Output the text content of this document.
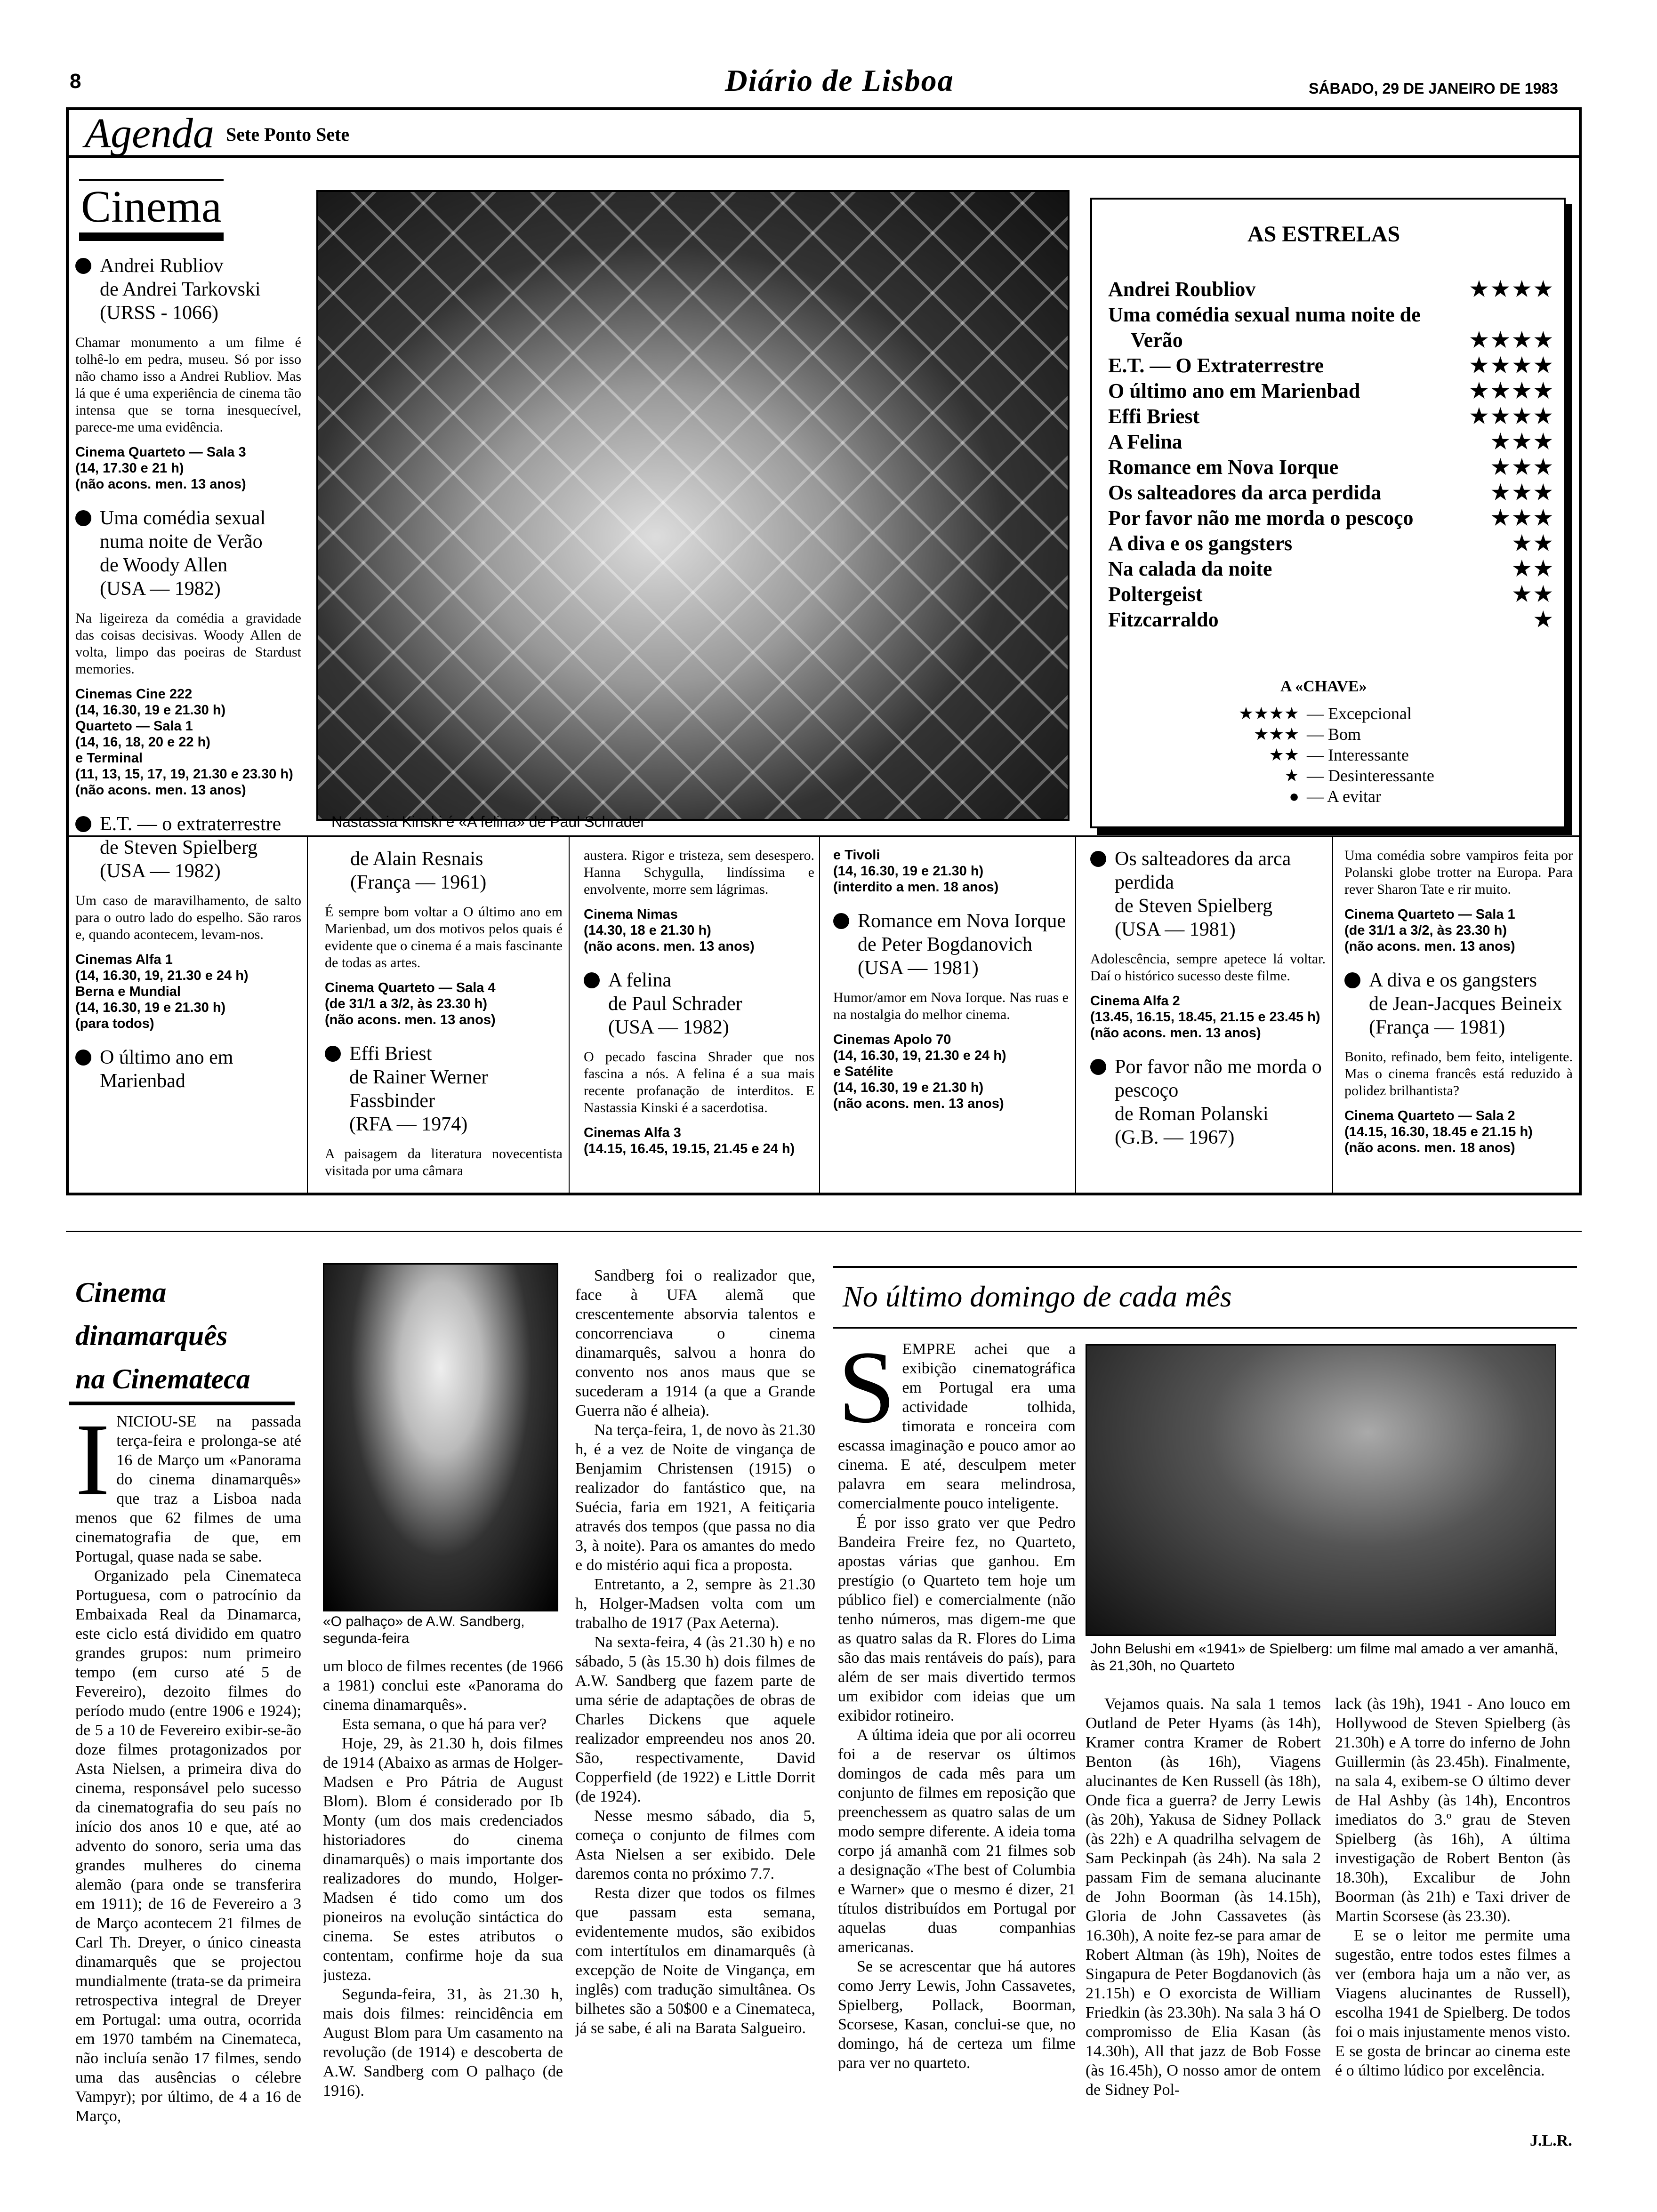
8	Diário de Lisboa	SÁBADO, 29 DE JANEIRO DE 1983
Agenda Sete Ponto Sete
Cinema
Andrei Rubliov
de Andrei Tarkovski
(URSS - 1066)
Chamar monumento a um filme é tolhê-lo em pedra, museu. Só por isso não chamo isso a Andrei Rubliov. Mas lá que é uma experiência de cinema tão intensa que se torna inesquecível, parece-me uma evidência.
Cinema Quarteto — Sala 3
(14, 17.30 e 21 h)
(não acons. men. 13 anos)
Uma comédia sexual numa noite de Verão
de Woody Allen
(USA — 1982)
Na ligeireza da comédia a gravidade das coisas decisivas. Woody Allen de volta, limpo das poeiras de Stardust memories.
Cinemas Cine 222
(14, 16.30, 19 e 21.30 h)
Quarteto — Sala 1
(14, 16, 18, 20 e 22 h)
e Terminal
(11, 13, 15, 17, 19, 21.30 e 23.30 h)
(não acons. men. 13 anos)
E.T. — o extraterrestre
de Steven Spielberg
(USA — 1982)
Um caso de maravilhamento, de salto para o outro lado do espelho. São raros e, quando acontecem, levam-nos.
Cinemas Alfa 1
(14, 16.30, 19, 21.30 e 24 h)
Berna e Mundial
(14, 16.30, 19 e 21.30 h)
(para todos)
O último ano em Marienbad
Nastassia Kinski é «A felina» de Paul Schrader
de Alain Resnais
(França — 1961)
É sempre bom voltar a O último ano em Marienbad, um dos motivos pelos quais é evidente que o cinema é a mais fascinante de todas as artes.
Cinema Quarteto — Sala 4
(de 31/1 a 3/2, às 23.30 h)
(não acons. men. 13 anos)
Effi Briest
de Rainer Werner Fassbinder
(RFA — 1974)
A paisagem da literatura novecentista visitada por uma câmara
austera. Rigor e tristeza, sem desespero. Hanna Schygulla, lindíssima e envolvente, morre sem lágrimas.
Cinema Nimas
(14.30, 18 e 21.30 h)
(não acons. men. 13 anos)
A felina
de Paul Schrader
(USA — 1982)
O pecado fascina Shrader que nos fascina a nós. A felina é a sua mais recente profanação de interditos. E Nastassia Kinski é a sacerdotisa.
Cinemas Alfa 3
(14.15, 16.45, 19.15, 21.45 e 24 h)
e Tivoli
(14, 16.30, 19 e 21.30 h)
(interdito a men. 18 anos)
Romance em Nova Iorque
de Peter Bogdanovich
(USA — 1981)
Humor/amor em Nova Iorque. Nas ruas e na nostalgia do melhor cinema.
Cinemas Apolo 70
(14, 16.30, 19, 21.30 e 24 h)
e Satélite
(14, 16.30, 19 e 21.30 h)
(não acons. men. 13 anos)
Os salteadores da arca perdida
de Steven Spielberg
(USA — 1981)
Adolescência, sempre apetece lá voltar. Daí o histórico sucesso deste filme.
Cinema Alfa 2
(13.45, 16.15, 18.45, 21.15 e 23.45 h)
(não acons. men. 13 anos)
Por favor não me morda o pescoço
de Roman Polanski
(G.B. — 1967)
Uma comédia sobre vampiros feita por Polanski globe trotter na Europa. Para rever Sharon Tate e rir muito.
Cinema Quarteto — Sala 1
(de 31/1 a 3/2, às 23.30 h)
(não acons. men. 13 anos)
A diva e os gangsters
de Jean-Jacques Beineix
(França — 1981)
Bonito, refinado, bem feito, inteligente. Mas o cinema francês está reduzido à polidez brilhantista?
Cinema Quarteto — Sala 2
(14.15, 16.30, 18.45 e 21.15 h)
(não acons. men. 18 anos)
AS ESTRELAS
Andrei Roubliov	★★★★
Uma comédia sexual numa noite de
Verão	★★★★
E.T. — O Extraterrestre	★★★★
O último ano em Marienbad	★★★★
Effi Briest	★★★★
A Felina	★★★
Romance em Nova Iorque	★★★
Os salteadores da arca perdida	★★★
Por favor não me morda o pescoço	★★★
A diva e os gangsters	★★
Na calada da noite	★★
Poltergeist	★★
Fitzcarraldo	★
A «CHAVE»
★★★★ — Excepcional
★★★ — Bom
★★ — Interessante
★ — Desinteressante
● — A evitar
Cinema
dinamarquês
na Cinemateca
I NICIOU-SE na passada terça-feira e prolonga-se até 16 de Março um «Panorama do cinema dinamarquês» que traz a Lisboa nada menos que 62 filmes de uma cinematografia de que, em Portugal, quase nada se sabe.

Organizado pela Cinemateca Portuguesa, com o patrocínio da Embaixada Real da Dinamarca, este ciclo está dividido em quatro grandes grupos: num primeiro tempo (em curso até 5 de Fevereiro), dezoito filmes do período mudo (entre 1906 e 1924); de 5 a 10 de Fevereiro exibir-se-ão doze filmes protagonizados por Asta Nielsen, a primeira diva do cinema, responsável pelo sucesso da cinematografia do seu país no início dos anos 10 e que, até ao advento do sonoro, seria uma das grandes mulheres do cinema alemão (para onde se transferira em 1911); de 16 de Fevereiro a 3 de Março acontecem 21 filmes de Carl Th. Dreyer, o único cineasta dinamarquês que se projectou mundialmente (trata-se da primeira retrospectiva integral de Dreyer em Portugal: uma outra, ocorrida em 1970 também na Cinemateca, não incluía senão 17 filmes, sendo uma das ausências o célebre Vampyr); por último, de 4 a 16 de Março,

«O palhaço» de A.W. Sandberg, segunda-feira

um bloco de filmes recentes (de 1966 a 1981) conclui este «Panorama do cinema dinamarquês».

Esta semana, o que há para ver?

Hoje, 29, às 21.30 h, dois filmes de 1914 (Abaixo as armas de Holger-Madsen e Pro Pátria de August Blom). Blom é considerado por Ib Monty (um dos mais credenciados historiadores do cinema dinamarquês) o mais importante dos realizadores do mundo, Holger-Madsen é tido como um dos pioneiros na evolução sintáctica do cinema. Se estes atributos o contentam, confirme hoje da sua justeza.

Segunda-feira, 31, às 21.30 h, mais dois filmes: reincidência em August Blom para Um casamento na revolução (de 1914) e descoberta de A.W. Sandberg com O palhaço (de 1916).

Sandberg foi o realizador que, face à UFA alemã que crescentemente absorvia talentos e concorrenciava o cinema dinamarquês, salvou a honra do convento nos anos maus que se sucederam a 1914 (a que a Grande Guerra não é alheia).

Na terça-feira, 1, de novo às 21.30 h, é a vez de Noite de vingança de Benjamim Christensen (1915) o realizador do fantástico que, na Suécia, faria em 1921, A feitiçaria através dos tempos (que passa no dia 3, à noite). Para os amantes do medo e do mistério aqui fica a proposta.

Entretanto, a 2, sempre às 21.30 h, Holger-Madsen volta com um trabalho de 1917 (Pax Aeterna).

Na sexta-feira, 4 (às 21.30 h) e no sábado, 5 (às 15.30 h) dois filmes de A.W. Sandberg que fazem parte de uma série de adaptações de obras de Charles Dickens que aquele realizador empreendeu nos anos 20. São, respectivamente, David Copperfield (de 1922) e Little Dorrit (de 1924).

Nesse mesmo sábado, dia 5, começa o conjunto de filmes com Asta Nielsen a ser exibido. Dele daremos conta no próximo 7.7.

Resta dizer que todos os filmes que passam esta semana, evidentemente mudos, são exibidos com intertítulos em dinamarquês (à excepção de Noite de Vingança, em inglês) com tradução simultânea. Os bilhetes são a 50$00 e a Cinemateca, já se sabe, é ali na Barata Salgueiro.

No último domingo de cada mês
S EMPRE achei que a exibição cinematográfica em Portugal era uma actividade tolhida, timorata e ronceira com escassa imaginação e pouco amor ao cinema. E até, desculpem meter palavra em seara melindrosa, comercialmente pouco inteligente.

É por isso grato ver que Pedro Bandeira Freire fez, no Quarteto, apostas várias que ganhou. Em prestígio (o Quarteto tem hoje um público fiel) e comercialmente (não tenho números, mas digem-me que as quatro salas da R. Flores do Lima são das mais rentáveis do país), para além de ser mais divertido termos um exibidor com ideias que um exibidor rotineiro.

A última ideia que por ali ocorreu foi a de reservar os últimos domingos de cada mês para um conjunto de filmes em reposição que preenchessem as quatro salas de um modo sempre diferente. A ideia toma corpo já amanhã com 21 filmes sob a designação «The best of Columbia e Warner» que o mesmo é dizer, 21 títulos distribuídos em Portugal por aquelas duas companhias americanas.

Se se acrescentar que há autores como Jerry Lewis, John Cassavetes, Spielberg, Pollack, Boorman, Scorsese, Kasan, conclui-se que, no domingo, há de certeza um filme para ver no quarteto.

John Belushi em «1941» de Spielberg: um filme mal amado a ver amanhã, às 21,30h, no Quarteto

Vejamos quais. Na sala 1 temos Outland de Peter Hyams (às 14h), Kramer contra Kramer de Robert Benton (às 16h), Viagens alucinantes de Ken Russell (às 18h), Onde fica a guerra? de Jerry Lewis (às 20h), Yakusa de Sidney Pollack (às 22h) e A quadrilha selvagem de Sam Peckinpah (às 24h). Na sala 2 passam Fim de semana alucinante de John Boorman (às 14.15h), Gloria de John Cassavetes (às 16.30h), A noite fez-se para amar de Robert Altman (às 19h), Noites de Singapura de Peter Bogdanovich (às 21.15h) e O exorcista de William Friedkin (às 23.30h). Na sala 3 há O compromisso de Elia Kasan (às 14.30h), All that jazz de Bob Fosse (às 16.45h), O nosso amor de ontem de Sidney Pol-

lack (às 19h), 1941 - Ano louco em Hollywood de Steven Spielberg (às 21.30h) e A torre do inferno de John Guillermin (às 23.45h). Finalmente, na sala 4, exibem-se O último dever de Hal Ashby (às 14h), Encontros imediatos do 3.º grau de Steven Spielberg (às 16h), A última investigação de Robert Benton (às 18.30h), Excalibur de John Boorman (às 21h) e Taxi driver de Martin Scorsese (às 23.30).

E se o leitor me permite uma sugestão, entre todos estes filmes a ver (embora haja um a não ver, as Viagens alucinantes de Russell), escolha 1941 de Spielberg. De todos foi o mais injustamente menos visto. E se gosta de brincar ao cinema este é o último lúdico por excelência.

J.L.R.
